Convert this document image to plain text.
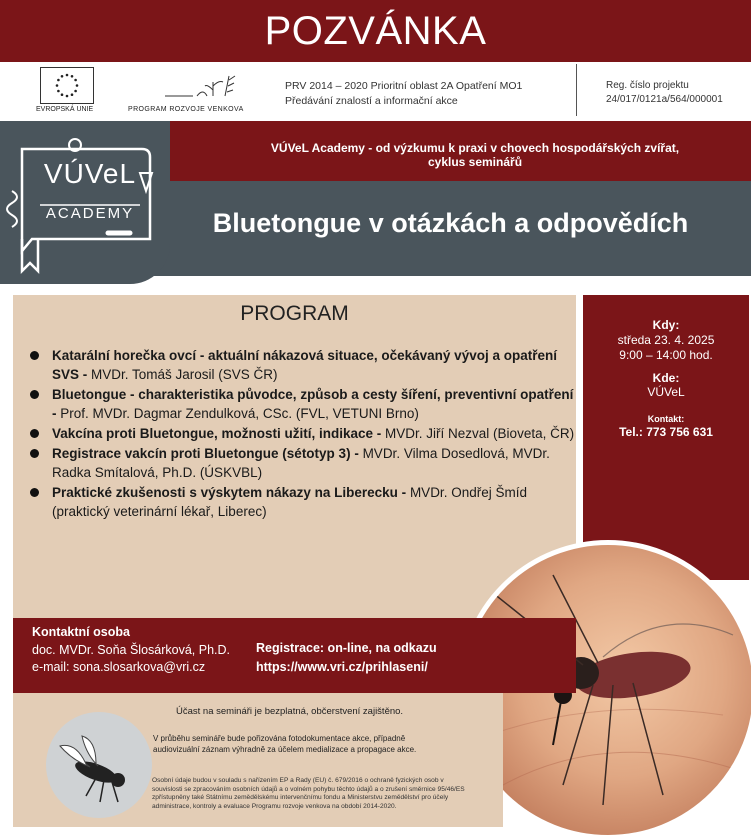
POZVÁNKA
EVROPSKÁ UNIE	PROGRAM ROZVOJE VENKOVA
PRV 2014 – 2020 Prioritní oblast 2A Opatření MO1
Předávání znalostí a informační akce
Reg. číslo projektu
24/017/0121a/564/000001
VÚVeL
ACADEMY
VÚVeL Academy - od výzkumu k praxi v chovech hospodářských zvířat,
cyklus seminářů
Bluetongue v otázkách a odpovědích
PROGRAM
Katarální horečka ovcí - aktuální nákazová situace, očekávaný vývoj a opatření SVS - MVDr. Tomáš Jarosil (SVS ČR)
Bluetongue - charakteristika původce, způsob a cesty šíření, preventivní opatření - Prof. MVDr. Dagmar Zendulková, CSc. (FVL, VETUNI Brno)
Vakcína proti Bluetongue, možnosti užití, indikace - MVDr. Jiří Nezval (Bioveta, ČR)
Registrace vakcín proti Bluetongue (sétotyp 3) - MVDr. Vilma Dosedlová, MVDr. Radka Smítalová, Ph.D. (ÚSKVBL)
Praktické zkušenosti s výskytem nákazy na Liberecku - MVDr. Ondřej Šmíd (praktický veterinární lékař, Liberec)
Kdy:
středa 23. 4. 2025
9:00 – 14:00 hod.
Kde:
VÚVeL
Kontakt:
Tel.: 773 756 631
Kontaktní osoba
doc. MVDr. Soňa Šlosárková, Ph.D.
e-mail: sona.slosarkova@vri.cz
Registrace: on-line, na odkazu
https://www.vri.cz/prihlaseni/
Účast na semináři je bezplatná, občerstvení zajištěno.
V průběhu semináře bude pořizována fotodokumentace akce, případně
audiovizuální záznam výhradně za účelem medializace a propagace akce.
Osobní údaje budou v souladu s nařízením EP a Rady (EU) č. 679/2016 o ochraně fyzických osob v
souvislosti se zpracováním osobních údajů a o volném pohybu těchto údajů a o zrušení směrnice 95/46/ES
zpřístupněny také Státnímu zemědělskému intervenčnímu fondu a Ministerstvu zemědělství pro účely
administrace, kontroly a evaluace Programu rozvoje venkova na období 2014-2020.
